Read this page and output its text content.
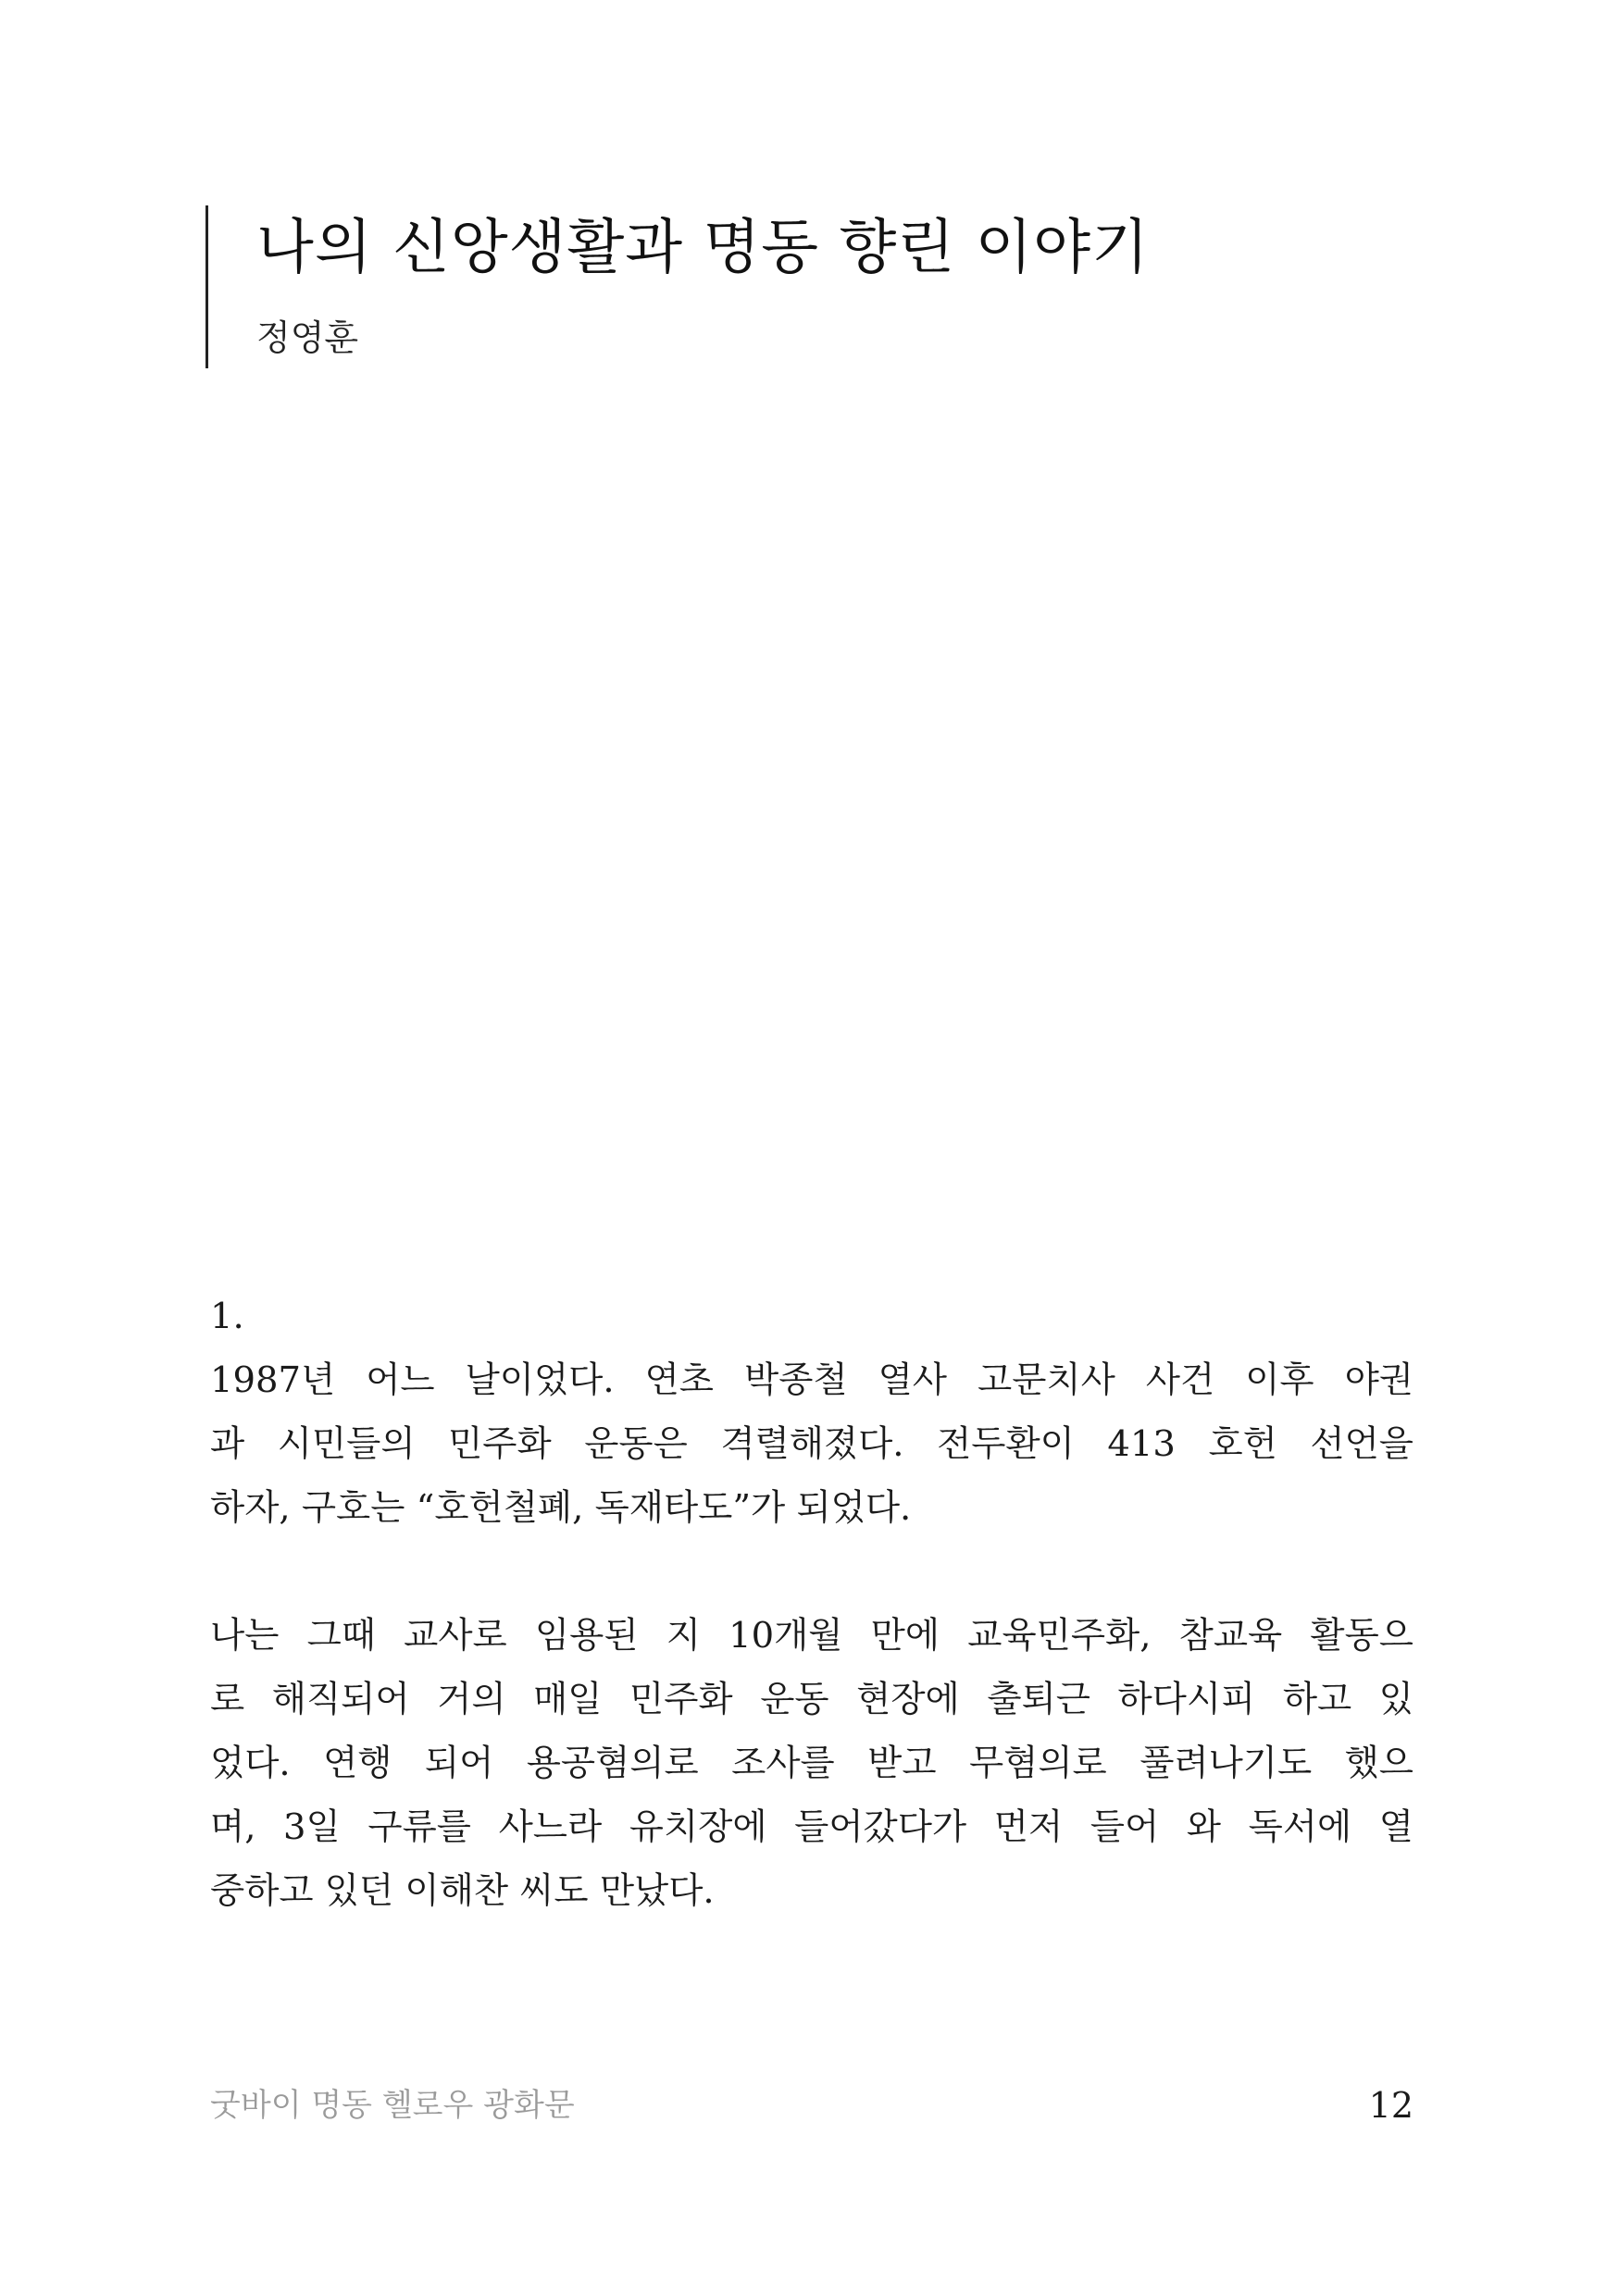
나의 신앙생활과 명동 향린 이야기
정영훈
1.
1987년 어느 날이었다. 연초 박종철 열사 고문치사 사건 이후 야권
과 시민들의 민주화 운동은 격렬해졌다. 전두환이 413 호헌 선언을
하자, 구호는 “호헌철폐, 독재타도”가 되었다.
나는 그때 교사로 임용된 지 10개월 만에 교육민주화, 참교육 활동으
로 해직되어 거의 매일 민주화 운동 현장에 출퇴근 하다시피 하고 있
었다. 연행 되어 용공혐의로 조사를 받고 무혐의로 풀려나기도 했으
며, 3일 구류를 사느라 유치장에 들어갔다가 먼저 들어 와 독서에 열
중하고 있던 이해찬 씨도 만났다.
굿바이 명동 헬로우 광화문	12
